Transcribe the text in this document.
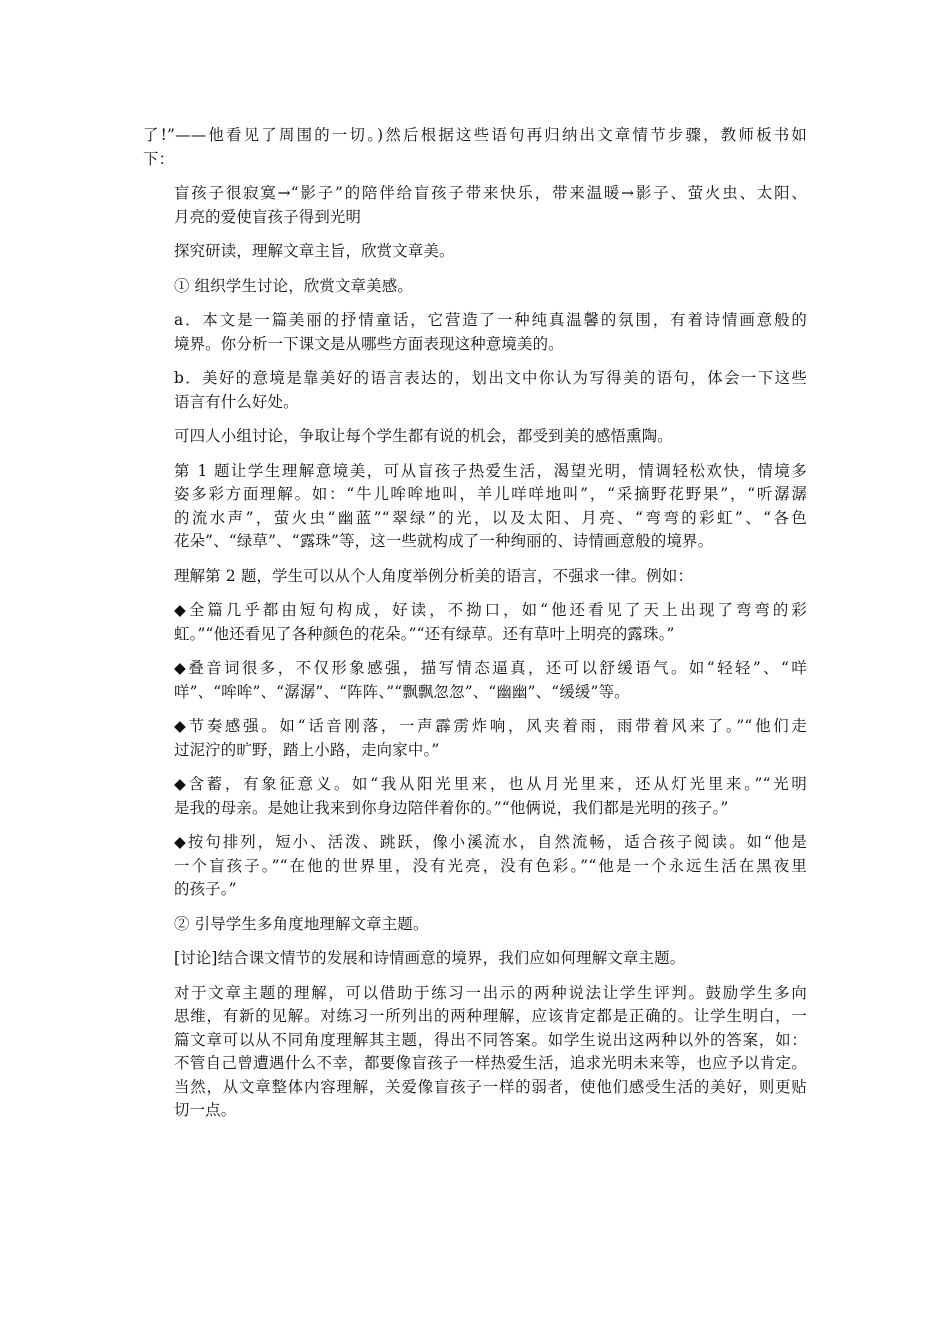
了!”——他看见了周围的一切。)然后根据这些语句再归纳出文章情节步骤，教师板书如
下：

盲孩子很寂寞→“影子”的陪伴给盲孩子带来快乐，带来温暖→影子、萤火虫、太阳、
月亮的爱使盲孩子得到光明

探究研读，理解文章主旨，欣赏文章美。

① 组织学生讨论，欣赏文章美感。

a．本文是一篇美丽的抒情童话，它营造了一种纯真温馨的氛围，有着诗情画意般的
境界。你分析一下课文是从哪些方面表现这种意境美的。

b．美好的意境是靠美好的语言表达的，划出文中你认为写得美的语句，体会一下这些
语言有什么好处。

可四人小组讨论，争取让每个学生都有说的机会，都受到美的感悟熏陶。

第 1 题让学生理解意境美，可从盲孩子热爱生活，渴望光明，情调轻松欢快，情境多
姿多彩方面理解。如：“牛儿哞哞地叫，羊儿咩咩地叫”，“采摘野花野果”，“听潺潺
的流水声”，萤火虫“幽蓝”“翠绿”的光，以及太阳、月亮、“弯弯的彩虹”、“各色
花朵”、“绿草”、“露珠”等，这一些就构成了一种绚丽的、诗情画意般的境界。

理解第 2 题，学生可以从个人角度举例分析美的语言，不强求一律。例如：

◆全篇几乎都由短句构成，好读，不拗口，如“他还看见了天上出现了弯弯的彩
虹。”“他还看见了各种颜色的花朵。”“还有绿草。还有草叶上明亮的露珠。”

◆叠音词很多，不仅形象感强，描写情态逼真，还可以舒缓语气。如“轻轻”、“咩
咩”、“哞哞”、“潺潺”、“阵阵、”“飘飘忽忽”、“幽幽”、“缓缓”等。

◆节奏感强。如“话音刚落，一声霹雳炸响，风夹着雨，雨带着风来了。”“他们走
过泥泞的旷野，踏上小路，走向家中。”

◆含蓄，有象征意义。如“我从阳光里来，也从月光里来，还从灯光里来。”“光明
是我的母亲。是她让我来到你身边陪伴着你的。”“他俩说，我们都是光明的孩子。”

◆按句排列，短小、活泼、跳跃，像小溪流水，自然流畅，适合孩子阅读。如“他是
一个盲孩子。”“在他的世界里，没有光亮，没有色彩。”“他是一个永远生活在黑夜里
的孩子。”

② 引导学生多角度地理解文章主题。

[讨论]结合课文情节的发展和诗情画意的境界，我们应如何理解文章主题。

对于文章主题的理解，可以借助于练习一出示的两种说法让学生评判。鼓励学生多向
思维，有新的见解。对练习一所列出的两种理解，应该肯定都是正确的。让学生明白，一
篇文章可以从不同角度理解其主题，得出不同答案。如学生说出这两种以外的答案，如：
不管自己曾遭遇什么不幸，都要像盲孩子一样热爱生活，追求光明未来等，也应予以肯定。
当然，从文章整体内容理解，关爱像盲孩子一样的弱者，使他们感受生活的美好，则更贴
切一点。
